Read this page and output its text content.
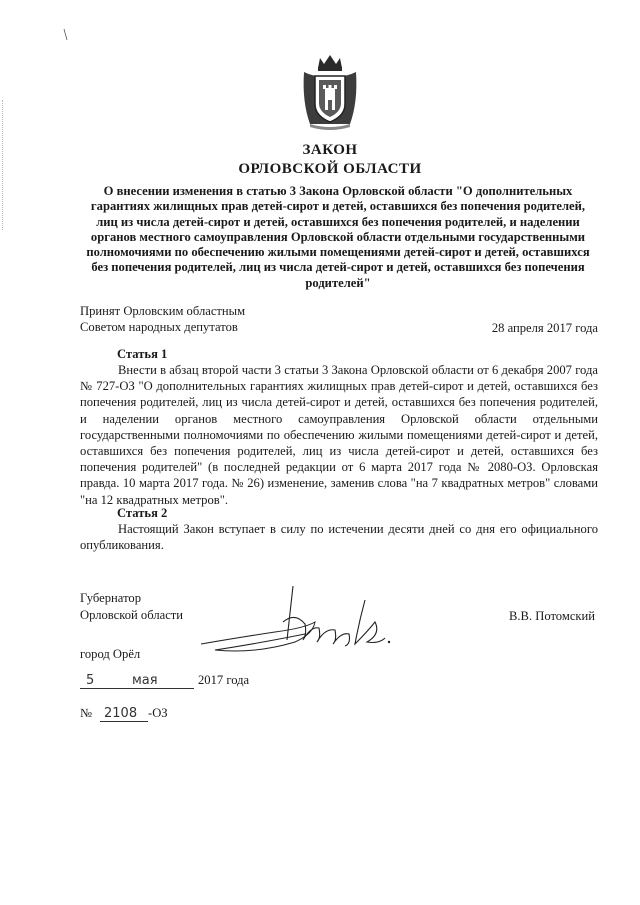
ЗАКОН
ОРЛОВСКОЙ ОБЛАСТИ
О внесении изменения в статью 3 Закона Орловской области "О дополнительных гарантиях жилищных прав детей-сирот и детей, оставшихся без попечения родителей, лиц из числа детей-сирот и детей, оставшихся без попечения родителей, и наделении органов местного самоуправления Орловской области отдельными государственными полномочиями по обеспечению жилыми помещениями детей-сирот и детей, оставшихся без попечения родителей, лиц из числа детей-сирот и детей, оставшихся без попечения родителей"
Принят Орловским областным
Советом народных депутатов	28 апреля 2017 года
Статья 1

Внести в абзац второй части 3 статьи 3 Закона Орловской области от 6 декабря 2007 года № 727-ОЗ "О дополнительных гарантиях жилищных прав детей-сирот и детей, оставшихся без попечения родителей, лиц из числа детей-сирот и детей, оставшихся без попечения родителей, и наделении органов местного самоуправления Орловской области отдельными государственными полномочиями по обеспечению жилыми помещениями детей-сирот и детей, оставшихся без попечения родителей, лиц из числа детей-сирот и детей, оставшихся без попечения родителей" (в последней редакции от 6 марта 2017 года № 2080-ОЗ. Орловская правда. 10 марта 2017 года. № 26) изменение, заменив слова "на 7 квадратных метров" словами "на 12 квадратных метров".

Статья 2

Настоящий Закон вступает в силу по истечении десяти дней со дня его официального опубликования.

Губернатор
Орловской области	В.В. Потомский
город Орёл
5	мая	2017 года
№ 2108 -ОЗ
